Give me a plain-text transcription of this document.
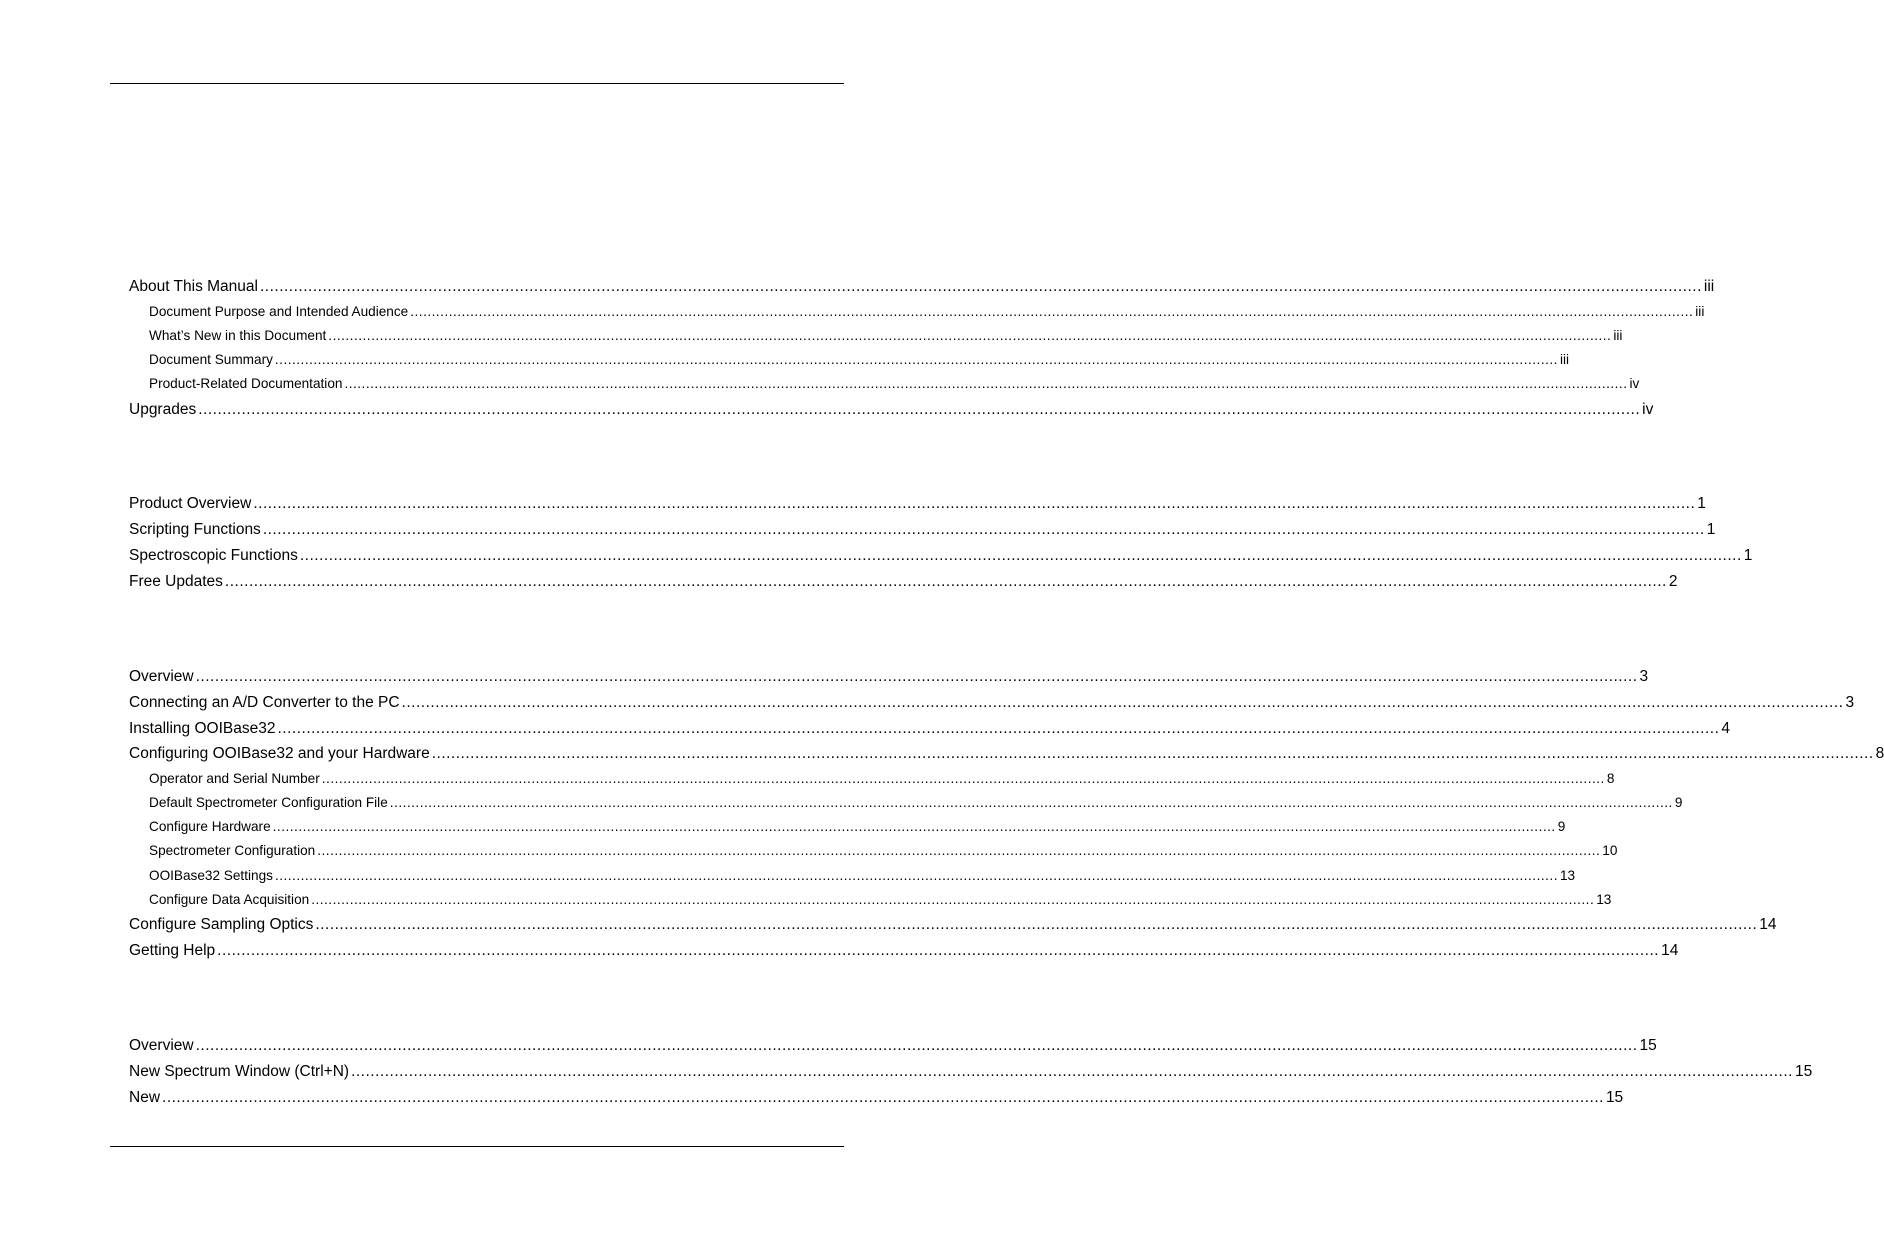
About This Manual ............................................................................................................................................................................................................................................................................................................ iii
Document Purpose and Intended Audience ............................................................................................................................................................................................................................................................................................................ iii
What’s New in this Document ............................................................................................................................................................................................................................................................................................................ iii
Document Summary ............................................................................................................................................................................................................................................................................................................ iii
Product-Related Documentation ............................................................................................................................................................................................................................................................................................................ iv
Upgrades ............................................................................................................................................................................................................................................................................................................ iv
Product Overview ............................................................................................................................................................................................................................................................................................................ 1
Scripting Functions ............................................................................................................................................................................................................................................................................................................ 1
Spectroscopic Functions ............................................................................................................................................................................................................................................................................................................ 1
Free Updates ............................................................................................................................................................................................................................................................................................................ 2
Overview ............................................................................................................................................................................................................................................................................................................ 3
Connecting an A/D Converter to the PC ............................................................................................................................................................................................................................................................................................................ 3
Installing OOIBase32 ............................................................................................................................................................................................................................................................................................................ 4
Configuring OOIBase32 and your Hardware ............................................................................................................................................................................................................................................................................................................ 8
Operator and Serial Number ............................................................................................................................................................................................................................................................................................................ 8
Default Spectrometer Configuration File ............................................................................................................................................................................................................................................................................................................ 9
Configure Hardware ............................................................................................................................................................................................................................................................................................................ 9
Spectrometer Configuration ............................................................................................................................................................................................................................................................................................................ 10
OOIBase32 Settings ............................................................................................................................................................................................................................................................................................................ 13
Configure Data Acquisition ............................................................................................................................................................................................................................................................................................................ 13
Configure Sampling Optics ............................................................................................................................................................................................................................................................................................................ 14
Getting Help ............................................................................................................................................................................................................................................................................................................ 14
Overview ............................................................................................................................................................................................................................................................................................................ 15
New Spectrum Window (Ctrl+N) ............................................................................................................................................................................................................................................................................................................ 15
New ............................................................................................................................................................................................................................................................................................................ 15
